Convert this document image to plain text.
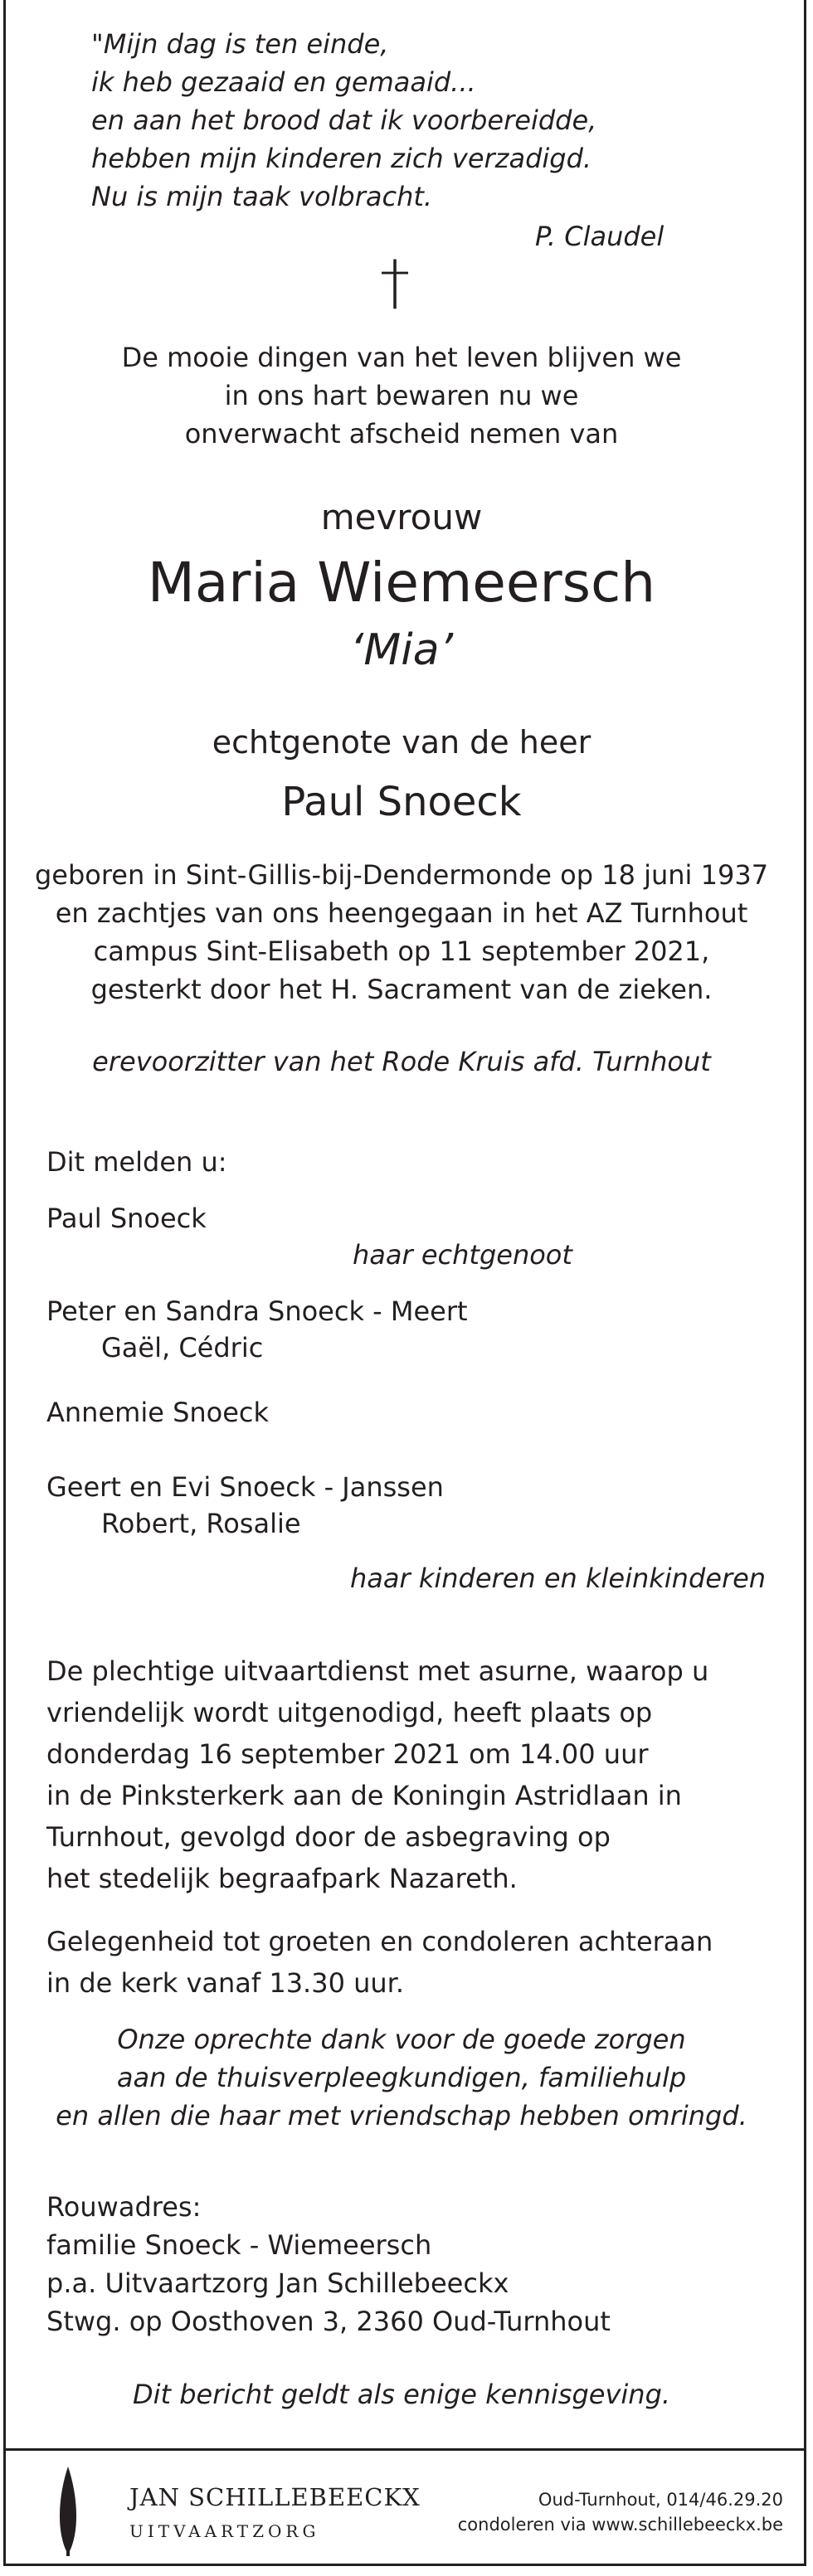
"Mijn dag is ten einde,
ik heb gezaaid en gemaaid...
en aan het brood dat ik voorbereidde,
hebben mijn kinderen zich verzadigd.
Nu is mijn taak volbracht.
P. Claudel
†
De mooie dingen van het leven blijven we
in ons hart bewaren nu we
onverwacht afscheid nemen van
mevrouw
Maria Wiemeersch
‘Mia’
echtgenote van de heer
Paul Snoeck
geboren in Sint-Gillis-bij-Dendermonde op 18 juni 1937
en zachtjes van ons heengegaan in het AZ Turnhout
campus Sint-Elisabeth op 11 september 2021,
gesterkt door het H. Sacrament van de zieken.
erevoorzitter van het Rode Kruis afd. Turnhout
Dit melden u:
Paul Snoeck
haar echtgenoot
Peter en Sandra Snoeck - Meert
Gaël, Cédric
Annemie Snoeck
Geert en Evi Snoeck - Janssen
Robert, Rosalie
haar kinderen en kleinkinderen
De plechtige uitvaartdienst met asurne, waarop u
vriendelijk wordt uitgenodigd, heeft plaats op
donderdag 16 september 2021 om 14.00 uur
in de Pinksterkerk aan de Koningin Astridlaan in
Turnhout, gevolgd door de asbegraving op
het stedelijk begraafpark Nazareth.
Gelegenheid tot groeten en condoleren achteraan
in de kerk vanaf 13.30 uur.
Onze oprechte dank voor de goede zorgen
aan de thuisverpleegkundigen, familiehulp
en allen die haar met vriendschap hebben omringd.
Rouwadres:
familie Snoeck - Wiemeersch
p.a. Uitvaartzorg Jan Schillebeeckx
Stwg. op Oosthoven 3, 2360 Oud-Turnhout
Dit bericht geldt als enige kennisgeving.
JAN SCHILLEBEECKX
UITVAARTZORG
Oud-Turnhout, 014/46.29.20
condoleren via www.schillebeeckx.be
